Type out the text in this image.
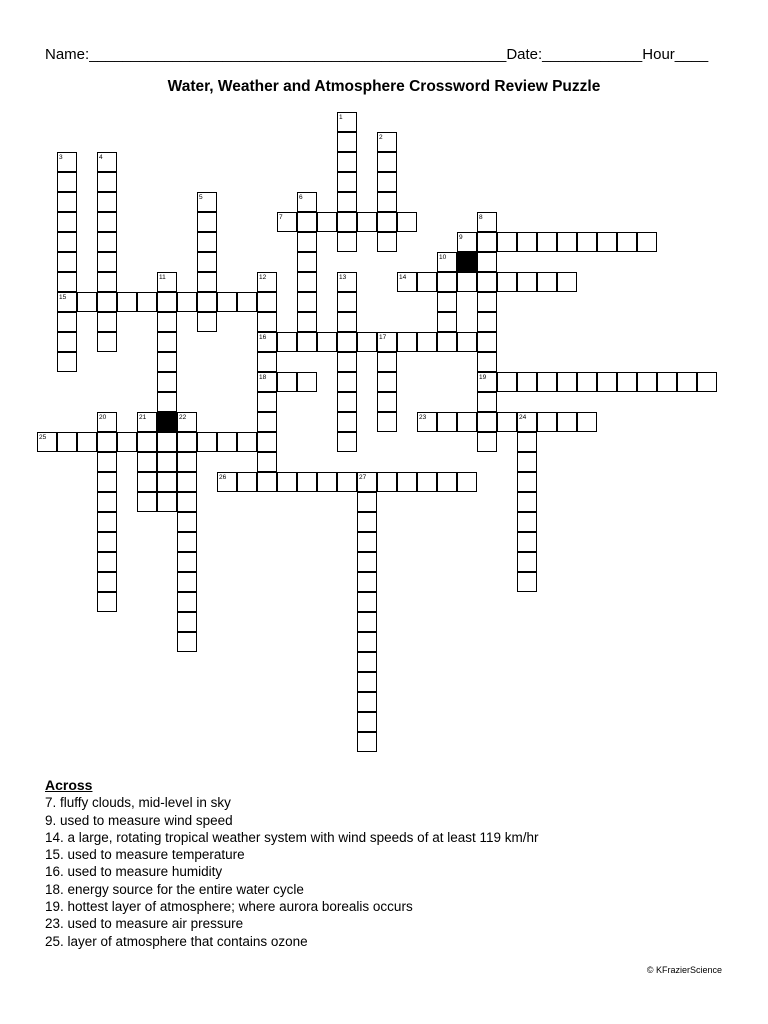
Name:__________________________________________________Date:____________Hour____
Water, Weather and Atmosphere Crossword Review Puzzle
1
2
3	4
5	6
7	8
9
10
11	12	13	14
15
16	17
18	19
20	21	22	23	24
25
26	27
Across
7. fluffy clouds, mid-level in sky
9. used to measure wind speed
14. a large, rotating tropical weather system with wind speeds of at least 119 km/hr
15. used to measure temperature
16. used to measure humidity
18. energy source for the entire water cycle
19. hottest layer of atmosphere; where aurora borealis occurs
23. used to measure air pressure
25. layer of atmosphere that contains ozone
© KFrazierScience
